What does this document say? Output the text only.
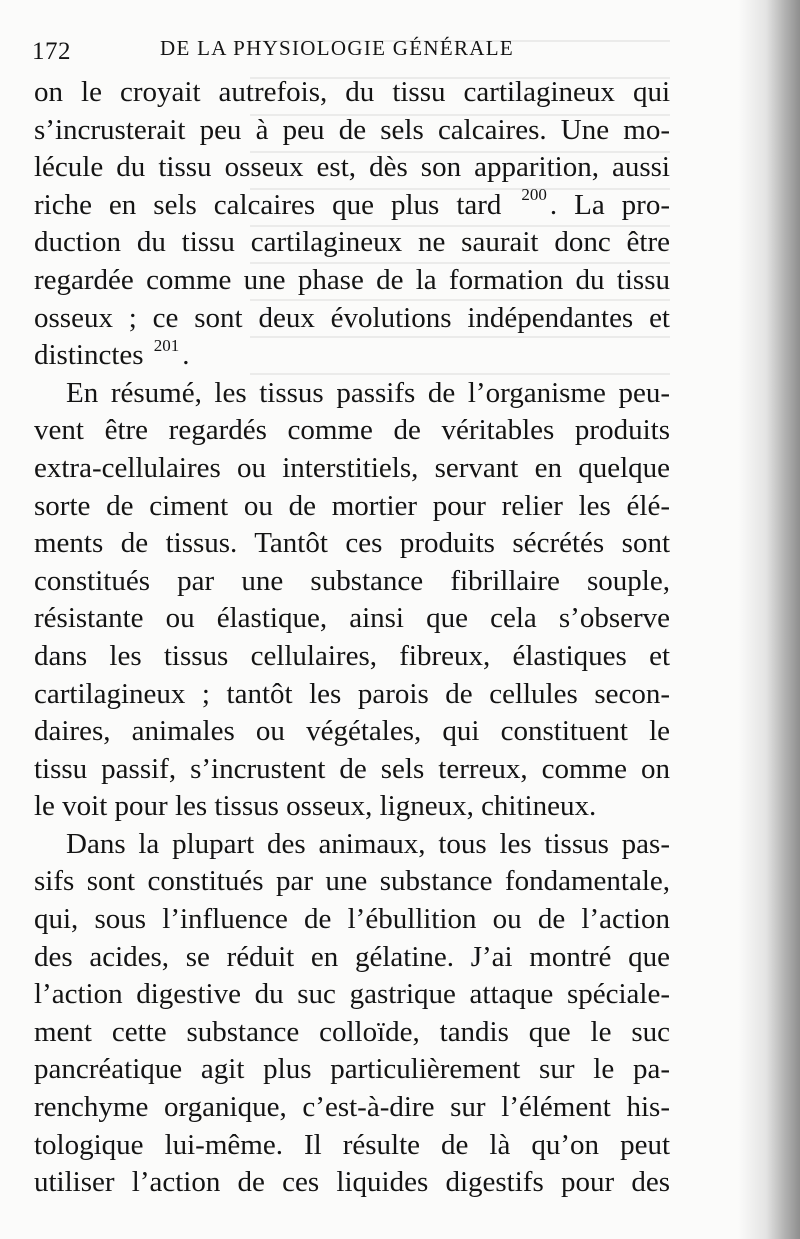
172	DE LA PHYSIOLOGIE GÉNÉRALE
on le croyait autrefois, du tissu cartilagineux qui
s’incrusterait peu à peu de sels calcaires. Une mo-
lécule du tissu osseux est, dès son apparition, aussi
riche en sels calcaires que plus tard $^{200}$ . La pro-
duction du tissu cartilagineux ne saurait donc être
regardée comme une phase de la formation du tissu
osseux ; ce sont deux évolutions indépendantes et
distinctes $^{201}$ .
En résumé, les tissus passifs de l’organisme peu-
vent être regardés comme de véritables produits
extra-cellulaires ou interstitiels, servant en quelque
sorte de ciment ou de mortier pour relier les élé-
ments de tissus. Tantôt ces produits sécrétés sont
constitués par une substance fibrillaire souple,
résistante ou élastique, ainsi que cela s’observe
dans les tissus cellulaires, fibreux, élastiques et
cartilagineux ; tantôt les parois de cellules secon-
daires, animales ou végétales, qui constituent le
tissu passif, s’incrustent de sels terreux, comme on
le voit pour les tissus osseux, ligneux, chitineux.
Dans la plupart des animaux, tous les tissus pas-
sifs sont constitués par une substance fondamentale,
qui, sous l’influence de l’ébullition ou de l’action
des acides, se réduit en gélatine. J’ai montré que
l’action digestive du suc gastrique attaque spéciale-
ment cette substance colloïde, tandis que le suc
pancréatique agit plus particulièrement sur le pa-
renchyme organique, c’est-à-dire sur l’élément his-
tologique lui-même. Il résulte de là qu’on peut
utiliser l’action de ces liquides digestifs pour des
